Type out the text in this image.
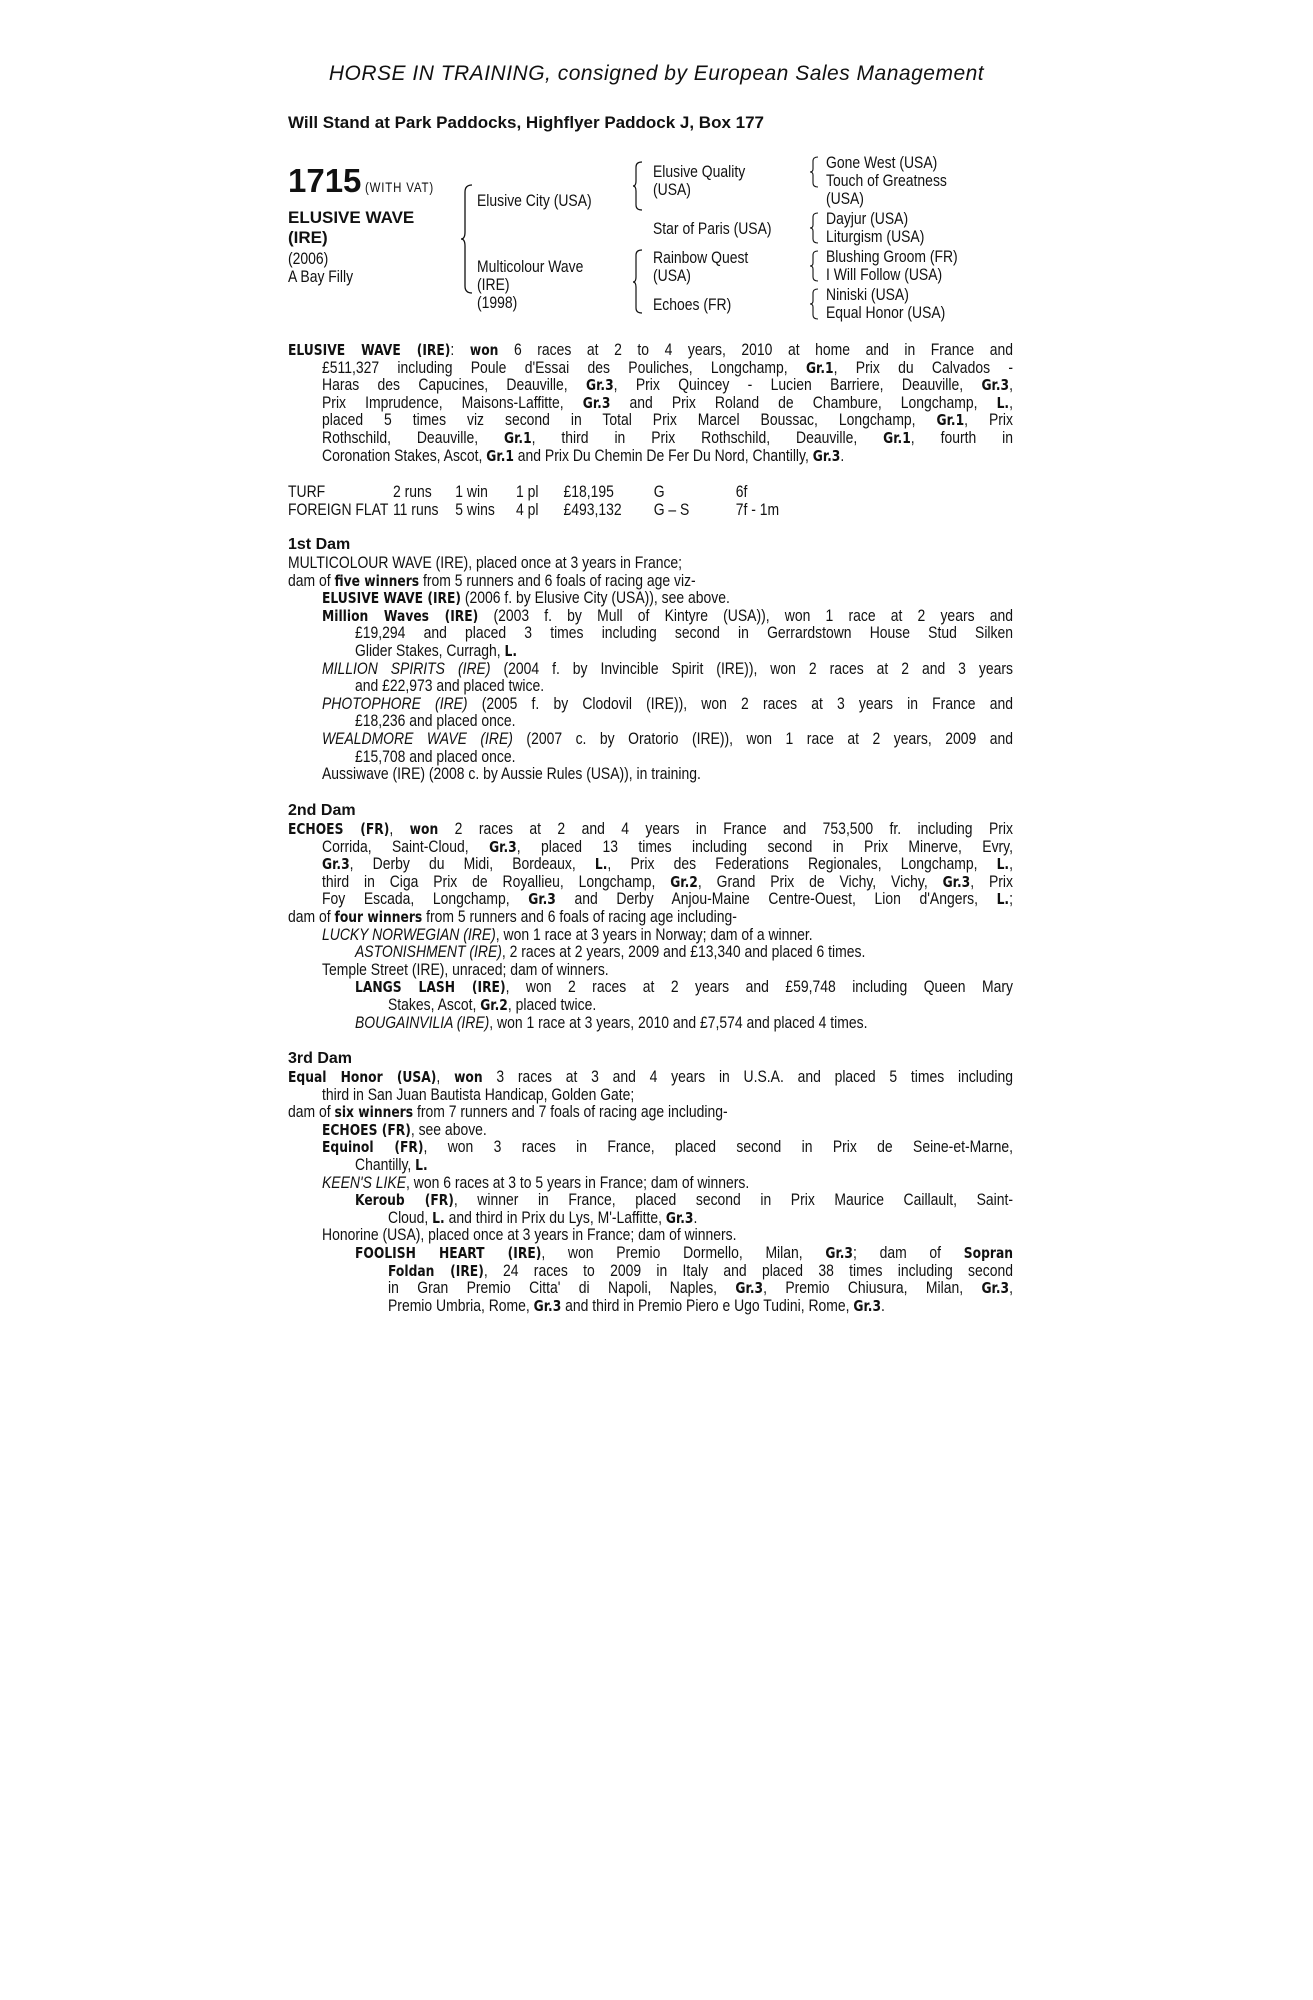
HORSE IN TRAINING, consigned by European Sales Management
Will Stand at Park Paddocks, Highflyer Paddock J, Box 177
1715 (WITH VAT)
ELUSIVE WAVE
(IRE)
(2006)
A Bay Filly
Elusive City (USA)
Multicolour Wave
(IRE)
(1998)
Elusive Quality
(USA)
Star of Paris (USA)
Rainbow Quest
(USA)
Echoes (FR)
Gone West (USA)
Touch of Greatness
(USA)
Dayjur (USA)
Liturgism (USA)
Blushing Groom (FR)
I Will Follow (USA)
Niniski (USA)
Equal Honor (USA)

ELUSIVE WAVE (IRE): won 6 races at 2 to 4 years, 2010 at home and in France and

£511,327 including Poule d'Essai des Pouliches, Longchamp, Gr.1, Prix du Calvados -

Haras des Capucines, Deauville, Gr.3, Prix Quincey - Lucien Barriere, Deauville, Gr.3,

Prix Imprudence, Maisons-Laffitte, Gr.3 and Prix Roland de Chambure, Longchamp, L.,

placed 5 times viz second in Total Prix Marcel Boussac, Longchamp, Gr.1, Prix

Rothschild, Deauville, Gr.1, third in Prix Rothschild, Deauville, Gr.1, fourth in

Coronation Stakes, Ascot, Gr.1 and Prix Du Chemin De Fer Du Nord, Chantilly, Gr.3.

TURF	2 runs	1 win	1 pl	£18,195	G	6f
FOREIGN FLAT	11 runs	5 wins	4 pl	£493,132	G – S	7f - 1m
1st Dam

MULTICOLOUR WAVE (IRE), placed once at 3 years in France;

dam of five winners from 5 runners and 6 foals of racing age viz-

ELUSIVE WAVE (IRE) (2006 f. by Elusive City (USA)), see above.

Million Waves (IRE) (2003 f. by Mull of Kintyre (USA)), won 1 race at 2 years and

£19,294 and placed 3 times including second in Gerrardstown House Stud Silken

Glider Stakes, Curragh, L.

MILLION SPIRITS (IRE) (2004 f. by Invincible Spirit (IRE)), won 2 races at 2 and 3 years

and £22,973 and placed twice.

PHOTOPHORE (IRE) (2005 f. by Clodovil (IRE)), won 2 races at 3 years in France and

£18,236 and placed once.

WEALDMORE WAVE (IRE) (2007 c. by Oratorio (IRE)), won 1 race at 2 years, 2009 and

£15,708 and placed once.

Aussiwave (IRE) (2008 c. by Aussie Rules (USA)), in training.

2nd Dam

ECHOES (FR), won 2 races at 2 and 4 years in France and 753,500 fr. including Prix

Corrida, Saint-Cloud, Gr.3, placed 13 times including second in Prix Minerve, Evry,

Gr.3, Derby du Midi, Bordeaux, L., Prix des Federations Regionales, Longchamp, L.,

third in Ciga Prix de Royallieu, Longchamp, Gr.2, Grand Prix de Vichy, Vichy, Gr.3, Prix

Foy Escada, Longchamp, Gr.3 and Derby Anjou-Maine Centre-Ouest, Lion d'Angers, L.;

dam of four winners from 5 runners and 6 foals of racing age including-

LUCKY NORWEGIAN (IRE), won 1 race at 3 years in Norway; dam of a winner.

ASTONISHMENT (IRE), 2 races at 2 years, 2009 and £13,340 and placed 6 times.

Temple Street (IRE), unraced; dam of winners.

LANGS LASH (IRE), won 2 races at 2 years and £59,748 including Queen Mary

Stakes, Ascot, Gr.2, placed twice.

BOUGAINVILIA (IRE), won 1 race at 3 years, 2010 and £7,574 and placed 4 times.

3rd Dam

Equal Honor (USA), won 3 races at 3 and 4 years in U.S.A. and placed 5 times including

third in San Juan Bautista Handicap, Golden Gate;

dam of six winners from 7 runners and 7 foals of racing age including-

ECHOES (FR), see above.

Equinol (FR), won 3 races in France, placed second in Prix de Seine-et-Marne,

Chantilly, L.

KEEN'S LIKE, won 6 races at 3 to 5 years in France; dam of winners.

Keroub (FR), winner in France, placed second in Prix Maurice Caillault, Saint-

Cloud, L. and third in Prix du Lys, M'-Laffitte, Gr.3.

Honorine (USA), placed once at 3 years in France; dam of winners.

FOOLISH HEART (IRE), won Premio Dormello, Milan, Gr.3; dam of Sopran

Foldan (IRE), 24 races to 2009 in Italy and placed 38 times including second

in Gran Premio Citta' di Napoli, Naples, Gr.3, Premio Chiusura, Milan, Gr.3,

Premio Umbria, Rome, Gr.3 and third in Premio Piero e Ugo Tudini, Rome, Gr.3.
